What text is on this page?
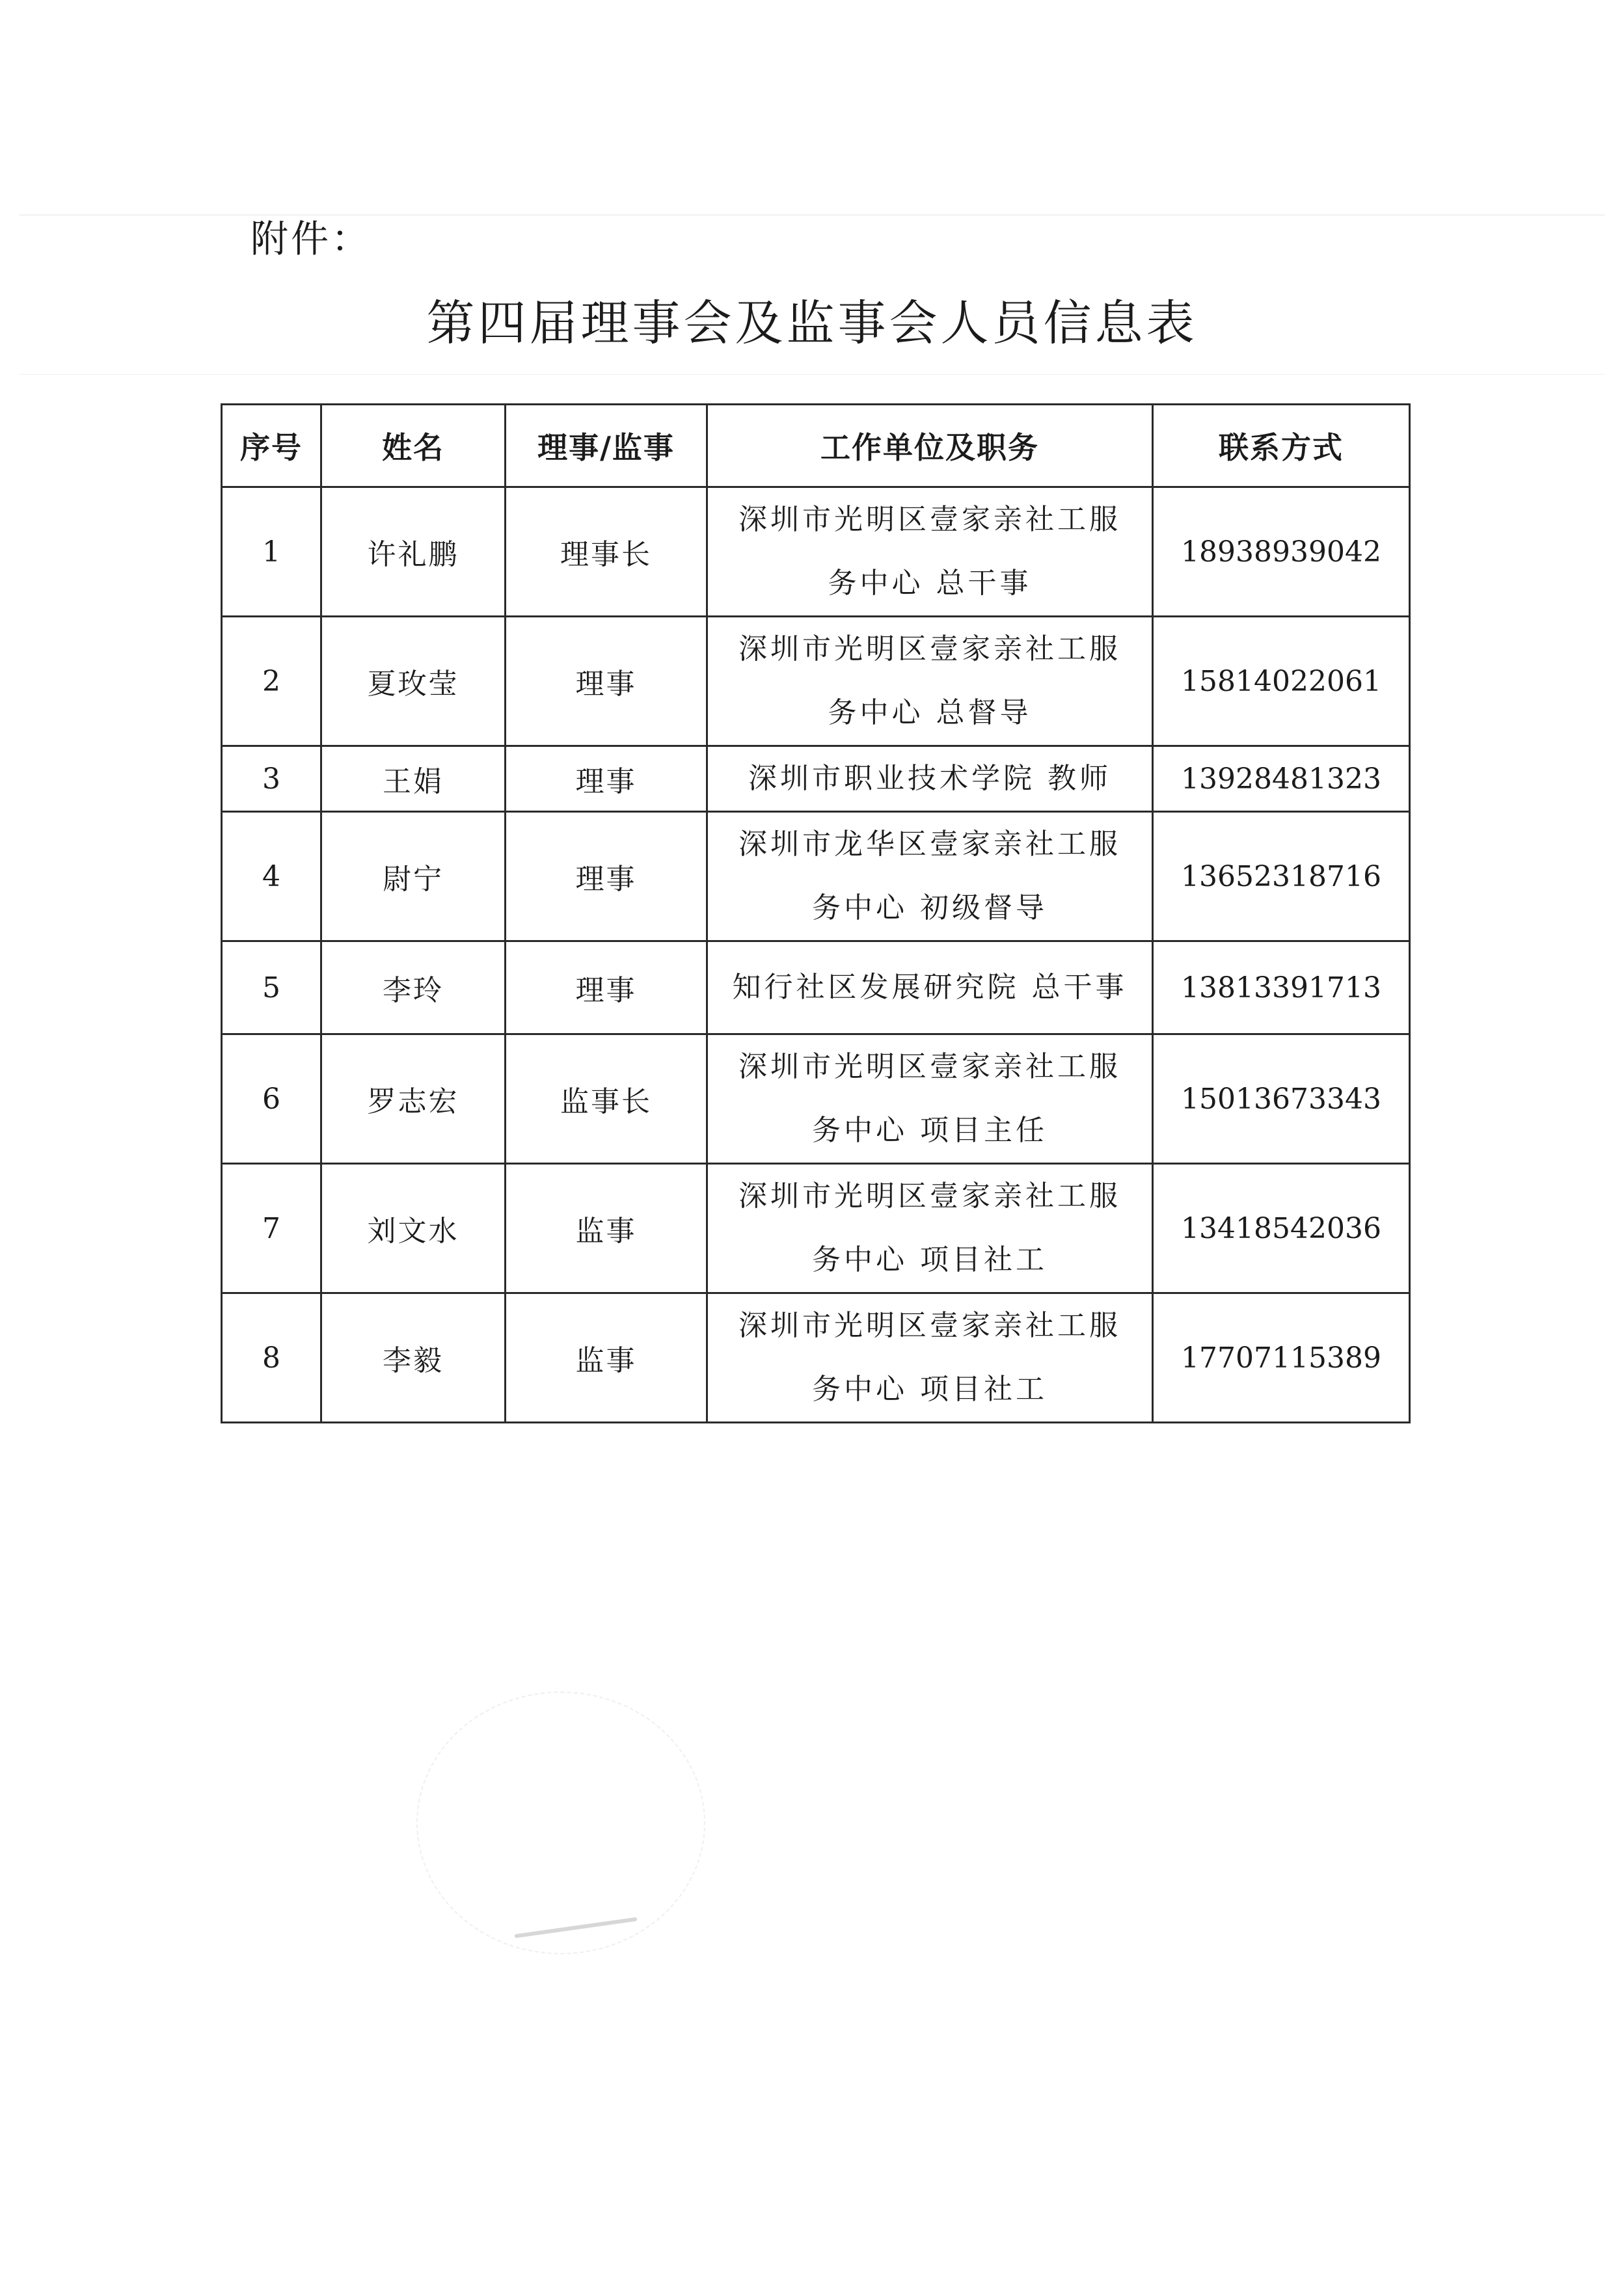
附件：
第四届理事会及监事会人员信息表
序号	姓名	理事/监事	工作单位及职务	联系方式
1	许礼鹏	理事长	深圳市光明区壹家亲社工服
务中心 总干事	18938939042
2	夏玫莹	理事	深圳市光明区壹家亲社工服
务中心 总督导	15814022061
3	王娟	理事	深圳市职业技术学院 教师	13928481323
4	尉宁	理事	深圳市龙华区壹家亲社工服
务中心 初级督导	13652318716
5	李玲	理事	知行社区发展研究院 总干事	13813391713
6	罗志宏	监事长	深圳市光明区壹家亲社工服
务中心 项目主任	15013673343
7	刘文水	监事	深圳市光明区壹家亲社工服
务中心 项目社工	13418542036
8	李毅	监事	深圳市光明区壹家亲社工服
务中心 项目社工	17707115389
